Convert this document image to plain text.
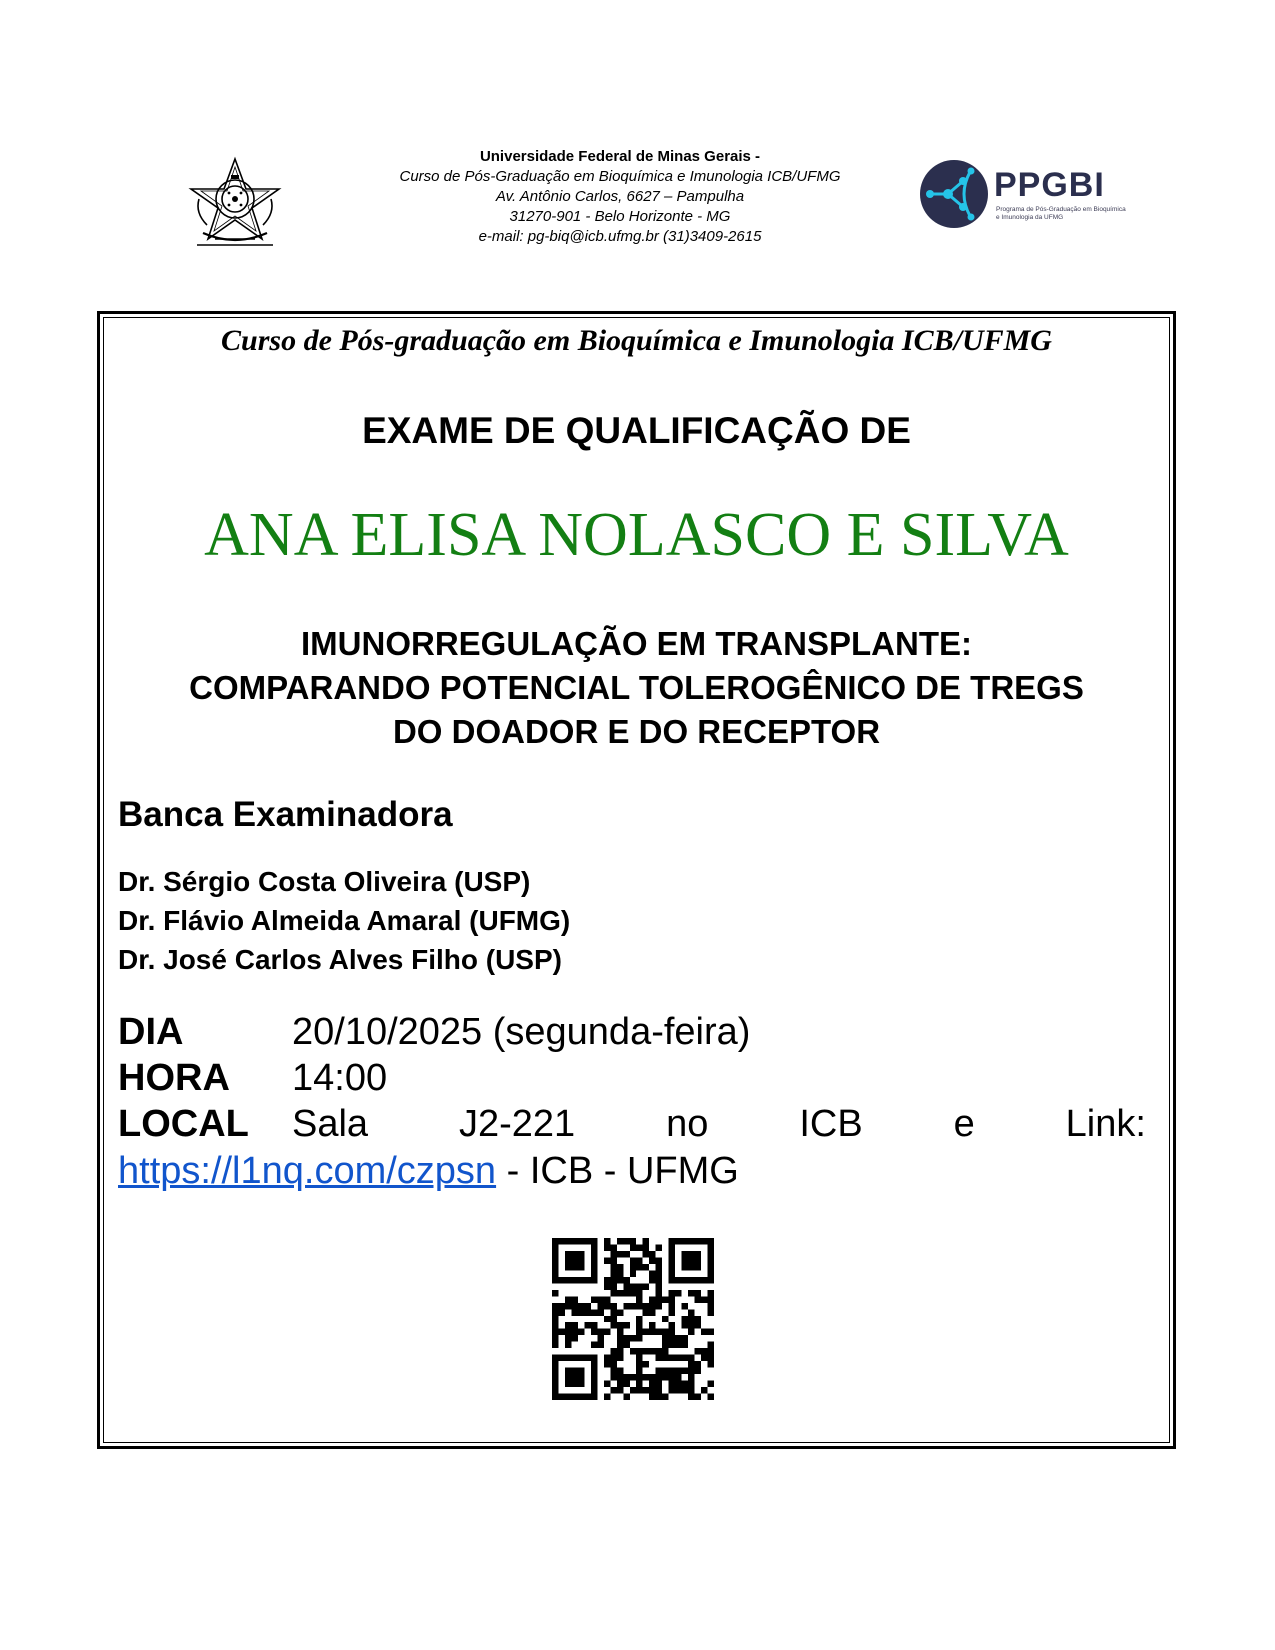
Universidade Federal de Minas Gerais -
Curso de Pós-Graduação em Bioquímica e Imunologia ICB/UFMG
Av. Antônio Carlos, 6627 – Pampulha
31270-901 - Belo Horizonte - MG
e-mail: pg-biq@icb.ufmg.br (31)3409-2615
PPGBI
Programa de Pós-Graduação em Bioquímica e Imunologia da UFMG
Curso de Pós-graduação em Bioquímica e Imunologia ICB/UFMG
EXAME DE QUALIFICAÇÃO DE
ANA ELISA NOLASCO E SILVA
IMUNORREGULAÇÃO EM TRANSPLANTE:
COMPARANDO POTENCIAL TOLEROGÊNICO DE TREGS
DO DOADOR E DO RECEPTOR
Banca Examinadora
Dr. Sérgio Costa Oliveira (USP)
Dr. Flávio Almeida Amaral (UFMG)
Dr. José Carlos Alves Filho (USP)
DIA	20/10/2025 (segunda-feira)
HORA 14:00
LOCAL Sala J2-221 no ICB e Link:
https://l1nq.com/czpsn - ICB - UFMG
